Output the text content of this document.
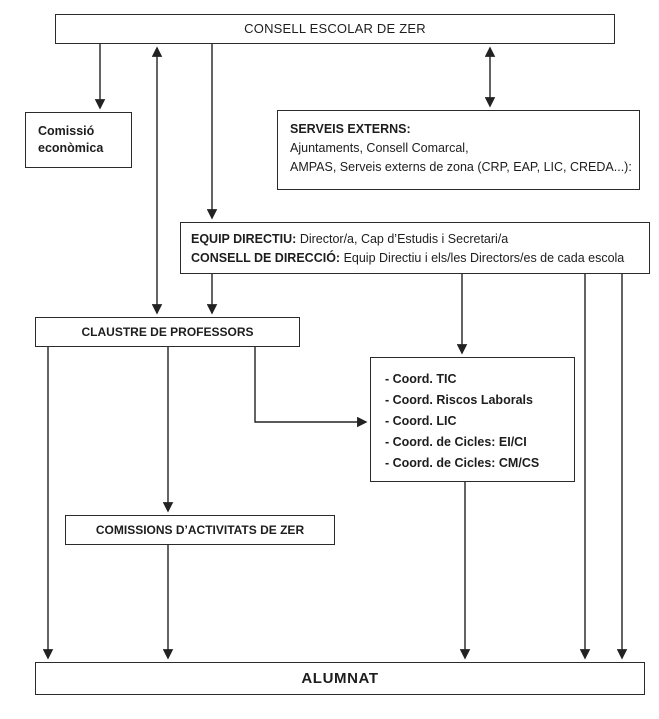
CONSELL ESCOLAR DE ZER
Comissió econòmica
SERVEIS EXTERNS:
Ajuntaments, Consell Comarcal,
AMPAS, Serveis externs de zona (CRP, EAP, LIC, CREDA...):
EQUIP DIRECTIU: Director/a, Cap d’Estudis i Secretari/a
CONSELL DE DIRECCIÓ: Equip Directiu i els/les Directors/es de cada escola
CLAUSTRE DE PROFESSORS
- Coord. TIC
- Coord. Riscos Laborals
- Coord. LIC
- Coord. de Cicles: EI/CI
- Coord. de Cicles: CM/CS
COMISSIONS D’ACTIVITATS DE ZER
ALUMNAT
